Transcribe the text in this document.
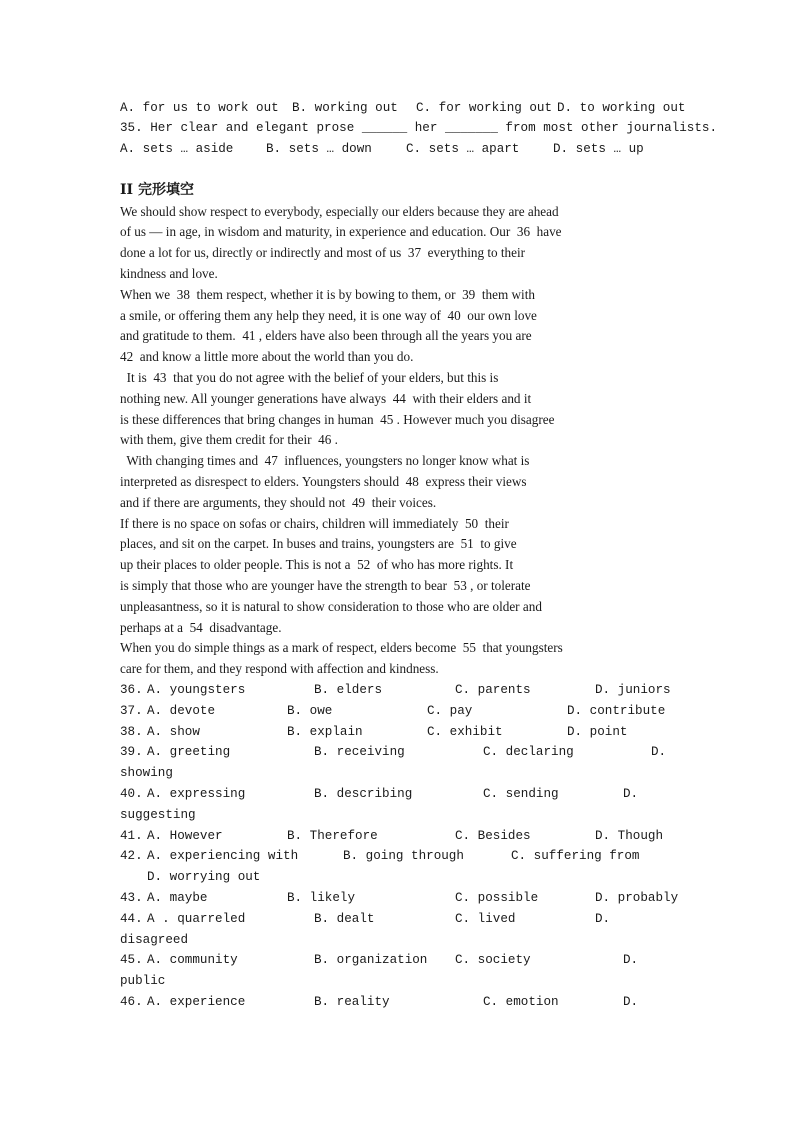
A. for us to work out B. working out C. for working out D. to working out
35. Her clear and elegant prose ______ her _______ from most other journalists.
A. sets … aside	B. sets … down	C. sets … apart	D. sets … up
II 完形填空
We should show respect to everybody, especially our elders because they are ahead
of us — in age, in wisdom and maturity, in experience and education. Our  36  have
done a lot for us, directly or indirectly and most of us  37  everything to their
kindness and love.
When we  38  them respect, whether it is by bowing to them, or  39  them with
a smile, or offering them any help they need, it is one way of  40  our own love
and gratitude to them.  41 , elders have also been through all the years you are
42  and know a little more about the world than you do.
It is  43  that you do not agree with the belief of your elders, but this is
nothing new. All younger generations have always  44  with their elders and it
is these differences that bring changes in human  45 . However much you disagree
with them, give them credit for their  46 .
With changing times and  47  influences, youngsters no longer know what is
interpreted as disrespect to elders. Youngsters should  48  express their views
and if there are arguments, they should not  49  their voices.
If there is no space on sofas or chairs, children will immediately  50  their
places, and sit on the carpet. In buses and trains, youngsters are  51  to give
up their places to older people. This is not a  52  of who has more rights. It
is simply that those who are younger have the strength to bear  53 , or tolerate
unpleasantness, so it is natural to show consideration to those who are older and
perhaps at a  54  disadvantage.
When you do simple things as a mark of respect, elders become  55  that youngsters
care for them, and they respond with affection and kindness.
36. A. youngsters	B. elders	C. parents	D. juniors
37. A. devote	B. owe	C. pay	D. contribute
38. A. show	B. explain	C. exhibit	D. point
39. A. greeting	B. receiving	C. declaring	D.
showing
40. A. expressing	B. describing	C. sending	D.
suggesting
41. A. However	B. Therefore	C. Besides	D. Though
42. A. experiencing with	B. going through	C. suffering from
D. worrying out
43. A. maybe	B. likely	C. possible	D. probably
44. A . quarreled	B. dealt	C. lived	D.
disagreed
45. A. community	B. organization C. society	D.
public
46. A. experience	B. reality	C. emotion	D.
